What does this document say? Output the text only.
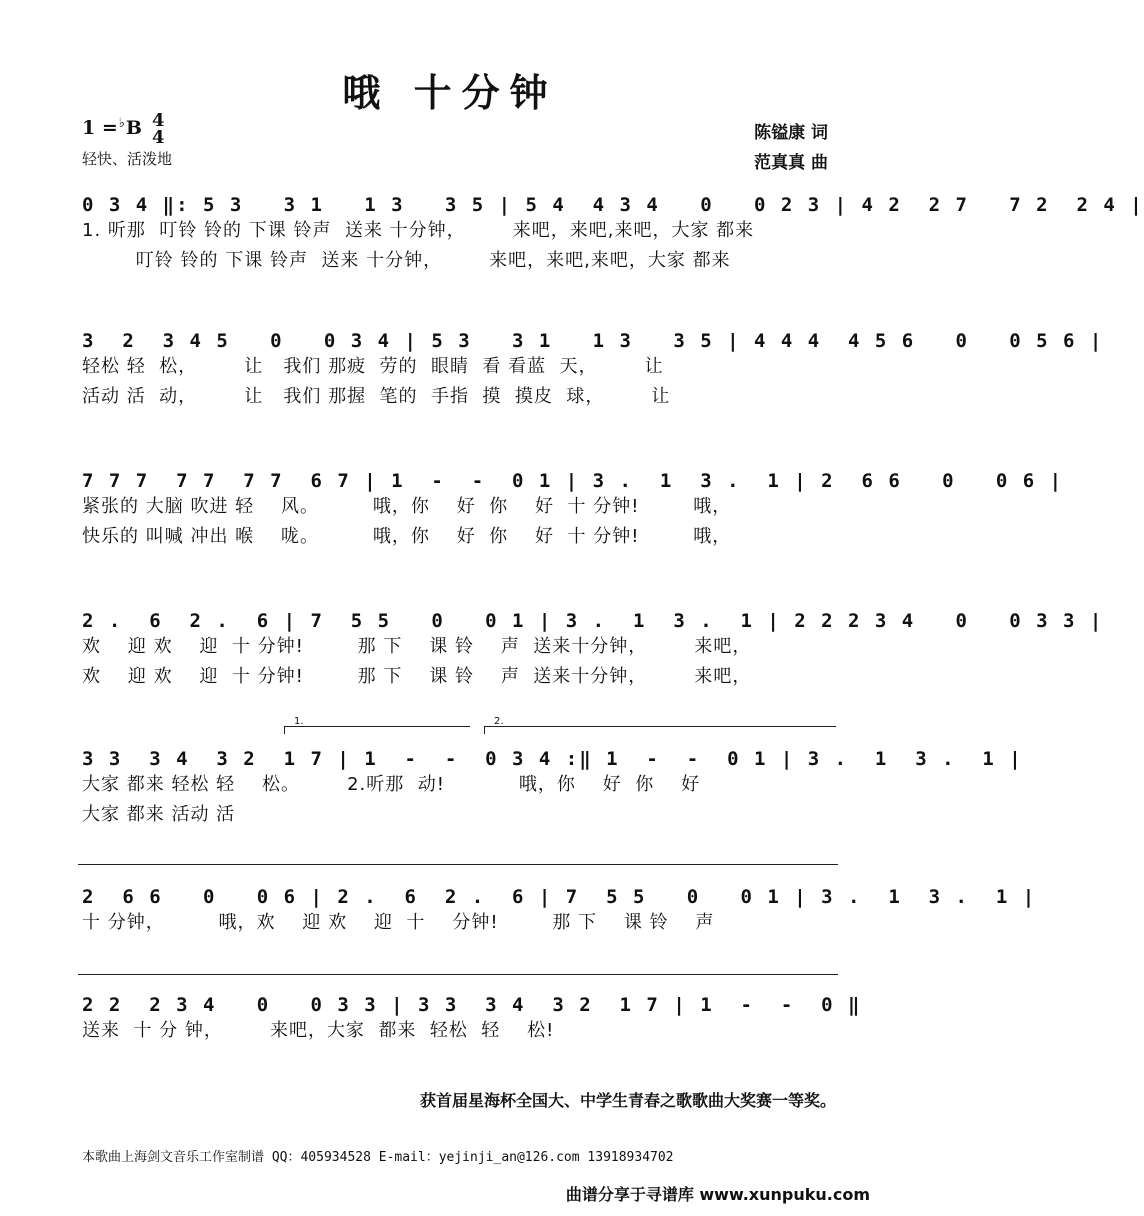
哦 十分钟
1 =♭B 4
4
轻快、活泼地
陈镒康 词
范真真 曲
0 3 4 ‖: 5 3   3 1   1 3   3 5 | 5 4  4 3 4   0   0 2 3 | 4 2  2 7   7 2  2 4 |
1. 听那  叮铃 铃的 下课 铃声  送来 十分钟，       来吧，来吧,来吧，大家 都来
叮铃 铃的 下课 铃声  送来 十分钟，       来吧，来吧,来吧，大家 都来
3  2  3 4 5   0   0 3 4 | 5 3   3 1   1 3   3 5 | 4 4 4  4 5 6   0   0 5 6 |
轻松 轻  松，       让   我们 那疲  劳的  眼睛  看 看蓝  天，       让
活动 活  动，       让   我们 那握  笔的  手指  摸  摸皮  球，       让
7 7 7  7 7  7 7  6 7 | 1  -  -  0 1 | 3 .  1  3 .  1 | 2  6 6   0   0 6 |
紧张的 大脑 吹进 轻    风。        哦，你    好  你    好  十 分钟!        哦，
快乐的 叫喊 冲出 喉    咙。        哦，你    好  你    好  十 分钟!        哦，
2 .  6  2 .  6 | 7  5 5   0   0 1 | 3 .  1  3 .  1 | 2 2 2 3 4   0   0 3 3 |
欢    迎 欢    迎  十 分钟!        那 下    课 铃    声  送来十分钟，       来吧，
欢    迎 欢    迎  十 分钟!        那 下    课 铃    声  送来十分钟，       来吧，
1.	2.
3 3  3 4  3 2  1 7 | 1  -  -  0 3 4 :‖ 1  -  -  0 1 | 3 .  1  3 .  1 |
大家 都来 轻松 轻    松。       2.听那  动!           哦，你    好  你    好
大家 都来 活动 活
2  6 6   0   0 6 | 2 .  6  2 .  6 | 7  5 5   0   0 1 | 3 .  1  3 .  1 |
十 分钟，        哦，欢    迎 欢    迎  十    分钟!        那 下    课 铃    声
2 2  2 3 4   0   0 3 3 | 3 3  3 4  3 2  1 7 | 1  -  -  0 ‖
送来  十 分 钟，       来吧，大家  都来  轻松  轻    松!
获首届星海杯全国大、中学生青春之歌歌曲大奖赛一等奖。
本歌曲上海剑文音乐工作室制谱 QQ：405934528 E-mail：yejinji_an@126.com 13918934702
曲谱分享于寻谱库 www.xunpuku.com
